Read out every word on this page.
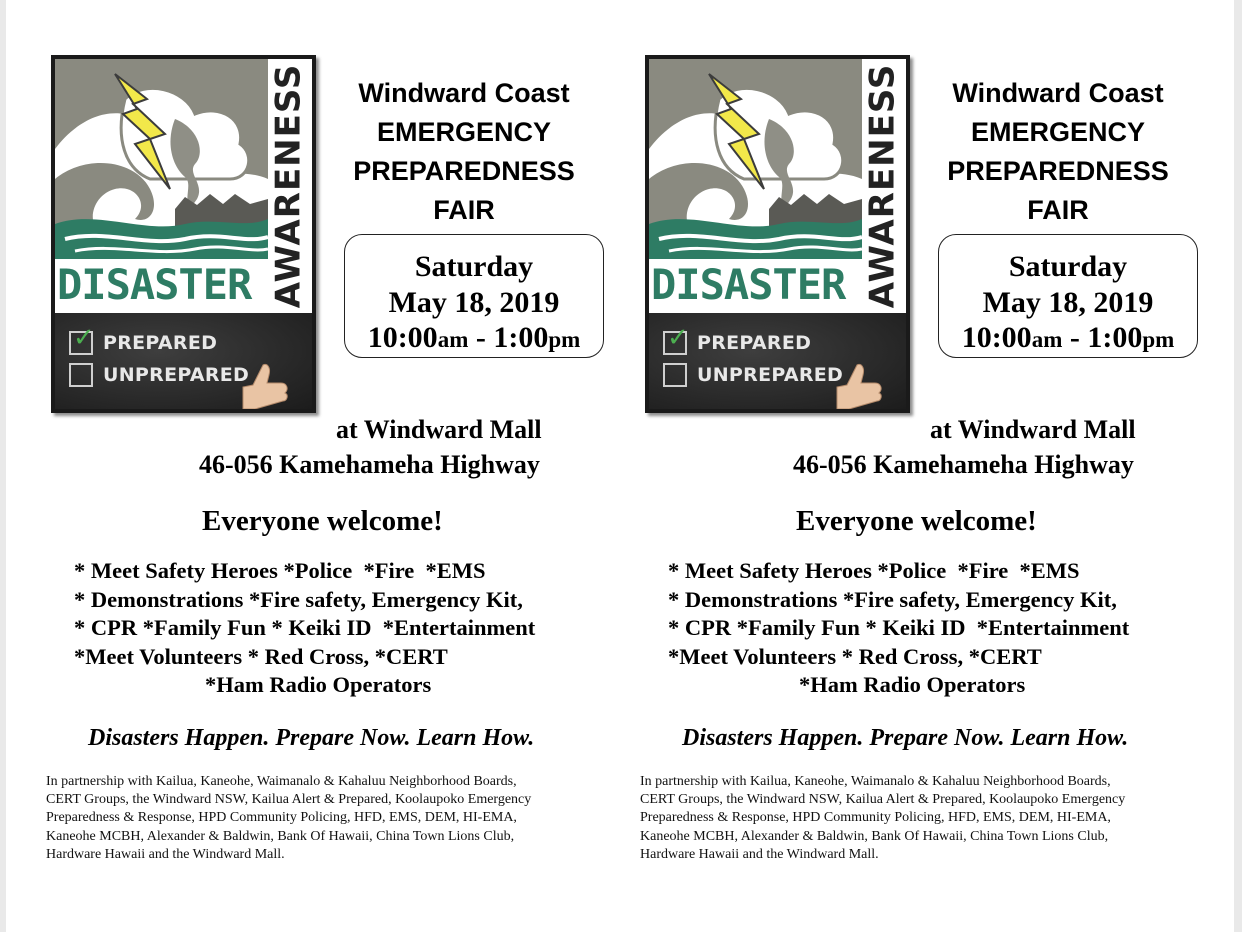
AWARENESS
DISASTER
✓ PREPARED
UNPREPARED
Windward Coast
EMERGENCY
PREPAREDNESS
FAIR
Saturday
May 18, 2019
10:00am - 1:00pm
at Windward Mall
46-056 Kamehameha Highway
Everyone welcome!
* Meet Safety Heroes *Police  *Fire  *EMS
* Demonstrations *Fire safety, Emergency Kit,
* CPR *Family Fun * Keiki ID  *Entertainment
*Meet Volunteers * Red Cross, *CERT
*Ham Radio Operators
Disasters Happen. Prepare Now. Learn How.
In partnership with Kailua, Kaneohe, Waimanalo & Kahaluu Neighborhood Boards,
CERT Groups, the Windward NSW, Kailua Alert & Prepared, Koolaupoko Emergency
Preparedness & Response, HPD Community Policing, HFD, EMS, DEM, HI-EMA,
Kaneohe MCBH, Alexander & Baldwin, Bank Of Hawaii, China Town Lions Club,
Hardware Hawaii and the Windward Mall.
AWARENESS
DISASTER
✓ PREPARED
UNPREPARED
Windward Coast
EMERGENCY
PREPAREDNESS
FAIR
Saturday
May 18, 2019
10:00am - 1:00pm
at Windward Mall
46-056 Kamehameha Highway
Everyone welcome!
* Meet Safety Heroes *Police  *Fire  *EMS
* Demonstrations *Fire safety, Emergency Kit,
* CPR *Family Fun * Keiki ID  *Entertainment
*Meet Volunteers * Red Cross, *CERT
*Ham Radio Operators
Disasters Happen. Prepare Now. Learn How.
In partnership with Kailua, Kaneohe, Waimanalo & Kahaluu Neighborhood Boards,
CERT Groups, the Windward NSW, Kailua Alert & Prepared, Koolaupoko Emergency
Preparedness & Response, HPD Community Policing, HFD, EMS, DEM, HI-EMA,
Kaneohe MCBH, Alexander & Baldwin, Bank Of Hawaii, China Town Lions Club,
Hardware Hawaii and the Windward Mall.
